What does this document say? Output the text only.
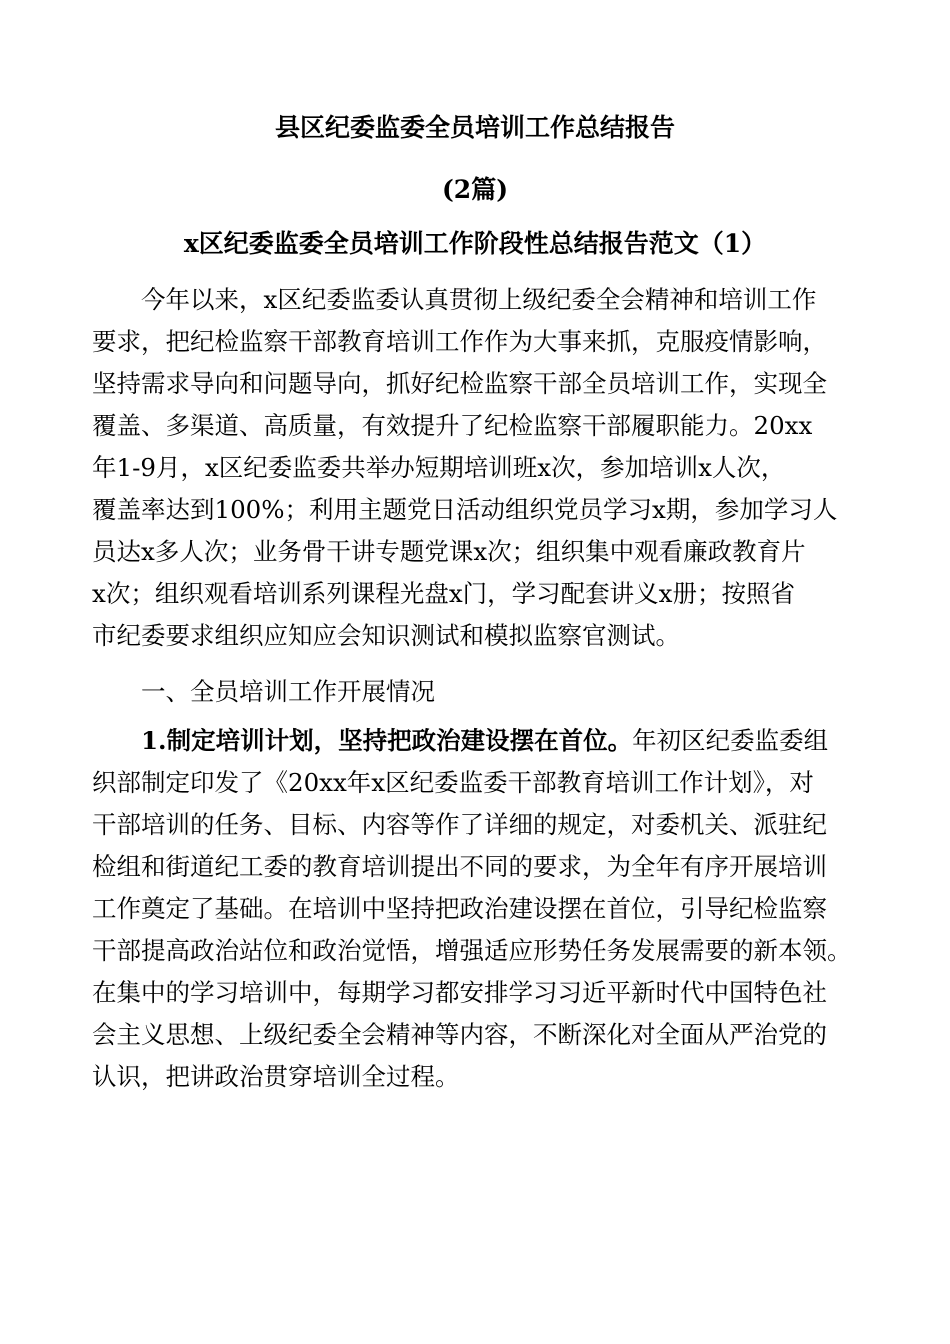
县区纪委监委全员培训工作总结报告
(2篇)
x区纪委监委全员培训工作阶段性总结报告范文（1）
今年以来，x区纪委监委认真贯彻上级纪委全会精神和培训工作
要求，把纪检监察干部教育培训工作作为大事来抓，克服疫情影响，
坚持需求导向和问题导向，抓好纪检监察干部全员培训工作，实现全
覆盖、多渠道、高质量，有效提升了纪检监察干部履职能力。20xx
年1-9月，x区纪委监委共举办短期培训班x次，参加培训x人次，
覆盖率达到100%；利用主题党日活动组织党员学习x期，参加学习人
员达x多人次；业务骨干讲专题党课x次；组织集中观看廉政教育片
x次；组织观看培训系列课程光盘x门，学习配套讲义x册；按照省
市纪委要求组织应知应会知识测试和模拟监察官测试。
一、全员培训工作开展情况
1.制定培训计划，坚持把政治建设摆在首位。年初区纪委监委组
织部制定印发了《20xx年x区纪委监委干部教育培训工作计划》，对
干部培训的任务、目标、内容等作了详细的规定，对委机关、派驻纪
检组和街道纪工委的教育培训提出不同的要求，为全年有序开展培训
工作奠定了基础。在培训中坚持把政治建设摆在首位，引导纪检监察
干部提高政治站位和政治觉悟，增强适应形势任务发展需要的新本领。
在集中的学习培训中，每期学习都安排学习习近平新时代中国特色社
会主义思想、上级纪委全会精神等内容，不断深化对全面从严治党的
认识，把讲政治贯穿培训全过程。
